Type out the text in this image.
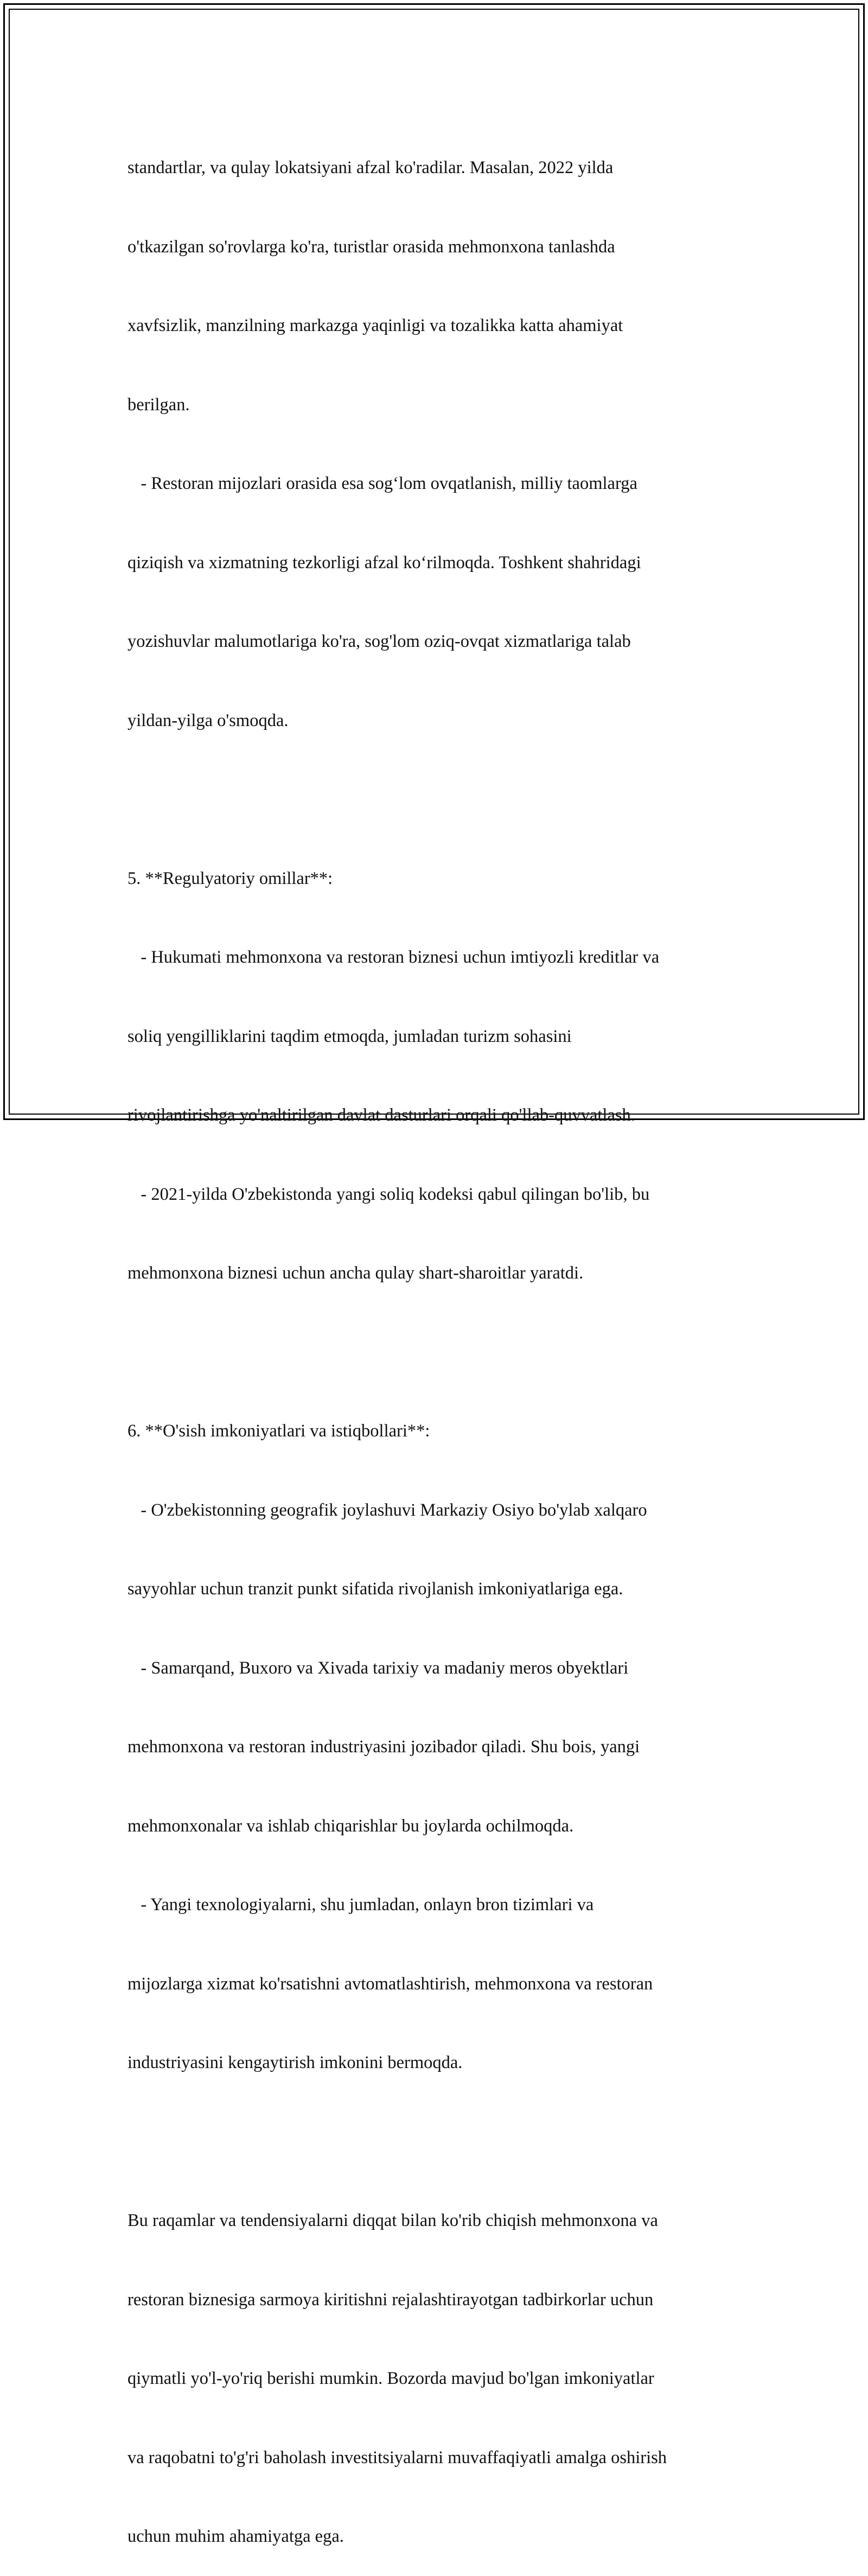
standartlar, va qulay lokatsiyani afzal ko'radilar. Masalan, 2022 yilda

o'tkazilgan so'rovlarga ko'ra, turistlar orasida mehmonxona tanlashda

xavfsizlik, manzilning markazga yaqinligi va tozalikka katta ahamiyat

berilgan.

- Restoran mijozlari orasida esa sog‘lom ovqatlanish, milliy taomlarga

qiziqish va xizmatning tezkorligi afzal ko‘rilmoqda. Toshkent shahridagi

yozishuvlar malumotlariga ko'ra, sog'lom oziq-ovqat xizmatlariga talab

yildan-yilga o'smoqda.

5. **Regulyatoriy omillar**:

- Hukumati mehmonxona va restoran biznesi uchun imtiyozli kreditlar va

soliq yengilliklarini taqdim etmoqda, jumladan turizm sohasini

rivojlantirishga yo'naltirilgan davlat dasturlari orqali qo'llab-quvvatlash.

- 2021-yilda O'zbekistonda yangi soliq kodeksi qabul qilingan bo'lib, bu

mehmonxona biznesi uchun ancha qulay shart-sharoitlar yaratdi.

6. **O'sish imkoniyatlari va istiqbollari**:

- O'zbekistonning geografik joylashuvi Markaziy Osiyo bo'ylab xalqaro

sayyohlar uchun tranzit punkt sifatida rivojlanish imkoniyatlariga ega.

- Samarqand, Buxoro va Xivada tarixiy va madaniy meros obyektlari

mehmonxona va restoran industriyasini jozibador qiladi. Shu bois, yangi

mehmonxonalar va ishlab chiqarishlar bu joylarda ochilmoqda.

- Yangi texnologiyalarni, shu jumladan, onlayn bron tizimlari va

mijozlarga xizmat ko'rsatishni avtomatlashtirish, mehmonxona va restoran

industriyasini kengaytirish imkonini bermoqda.

Bu raqamlar va tendensiyalarni diqqat bilan ko'rib chiqish mehmonxona va

restoran biznesiga sarmoya kiritishni rejalashtirayotgan tadbirkorlar uchun

qiymatli yo'l-yo'riq berishi mumkin. Bozorda mavjud bo'lgan imkoniyatlar

va raqobatni to'g'ri baholash investitsiyalarni muvaffaqiyatli amalga oshirish

uchun muhim ahamiyatga ega.
